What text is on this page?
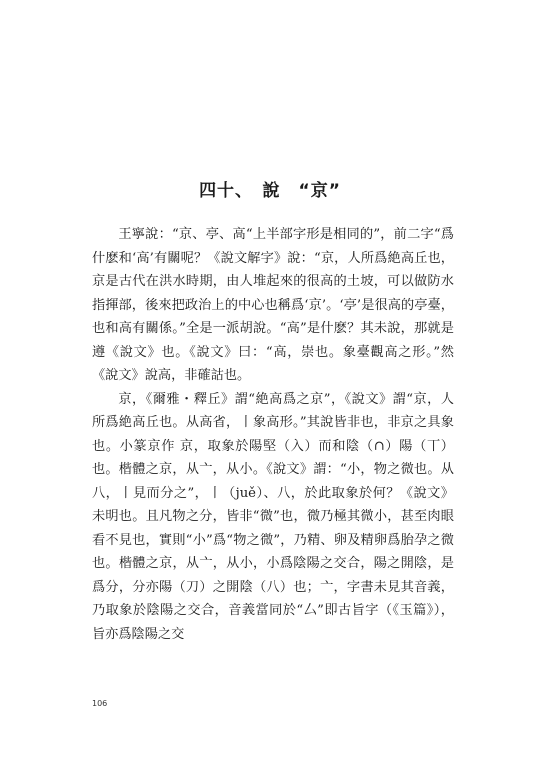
四十、　說　“京”

王寧說：“京、亭、高“上半部字形是相同的”，前二字“爲什麽和‘高’有關呢？《說文解字》說：“京，人所爲絶高丘也，京是古代在洪水時期，由人堆起來的很高的土坡，可以做防水指揮部，後來把政治上的中心也稱爲‘京’。‘亭’是很高的亭臺，也和高有關係。”全是一派胡說。“高”是什麽？其未說，那就是遵《說文》也。《說文》曰：“高，崇也。象臺觀高之形。”然《說文》說高，非確詁也。

京，《爾雅・釋丘》謂“絶高爲之京”，《說文》謂“京，人所爲絶高丘也。从高省，丨象高形。”其說皆非也，非京之具象也。小篆京作 京，取象於陽堅（⼊）而和陰（∩）陽（丅）也。楷體之京，从亠，从小。《說文》謂：“小，物之微也。从八，丨見而分之”，丨（juě）、八，於此取象於何？《說文》未明也。且凡物之分，皆非“微”也，微乃極其微小，甚至肉眼看不見也，實則“小”爲“物之微”，乃精、卵及精卵爲胎孕之微也。楷體之京，从亠，从小，小爲陰陽之交合，陽之開陰，是爲分，分亦陽（刀）之開陰（八）也；亠，字書未見其音義，乃取象於陰陽之交合，音義當同於“⼛”即古旨字（《玉篇》），旨亦爲陰陽之交

106
